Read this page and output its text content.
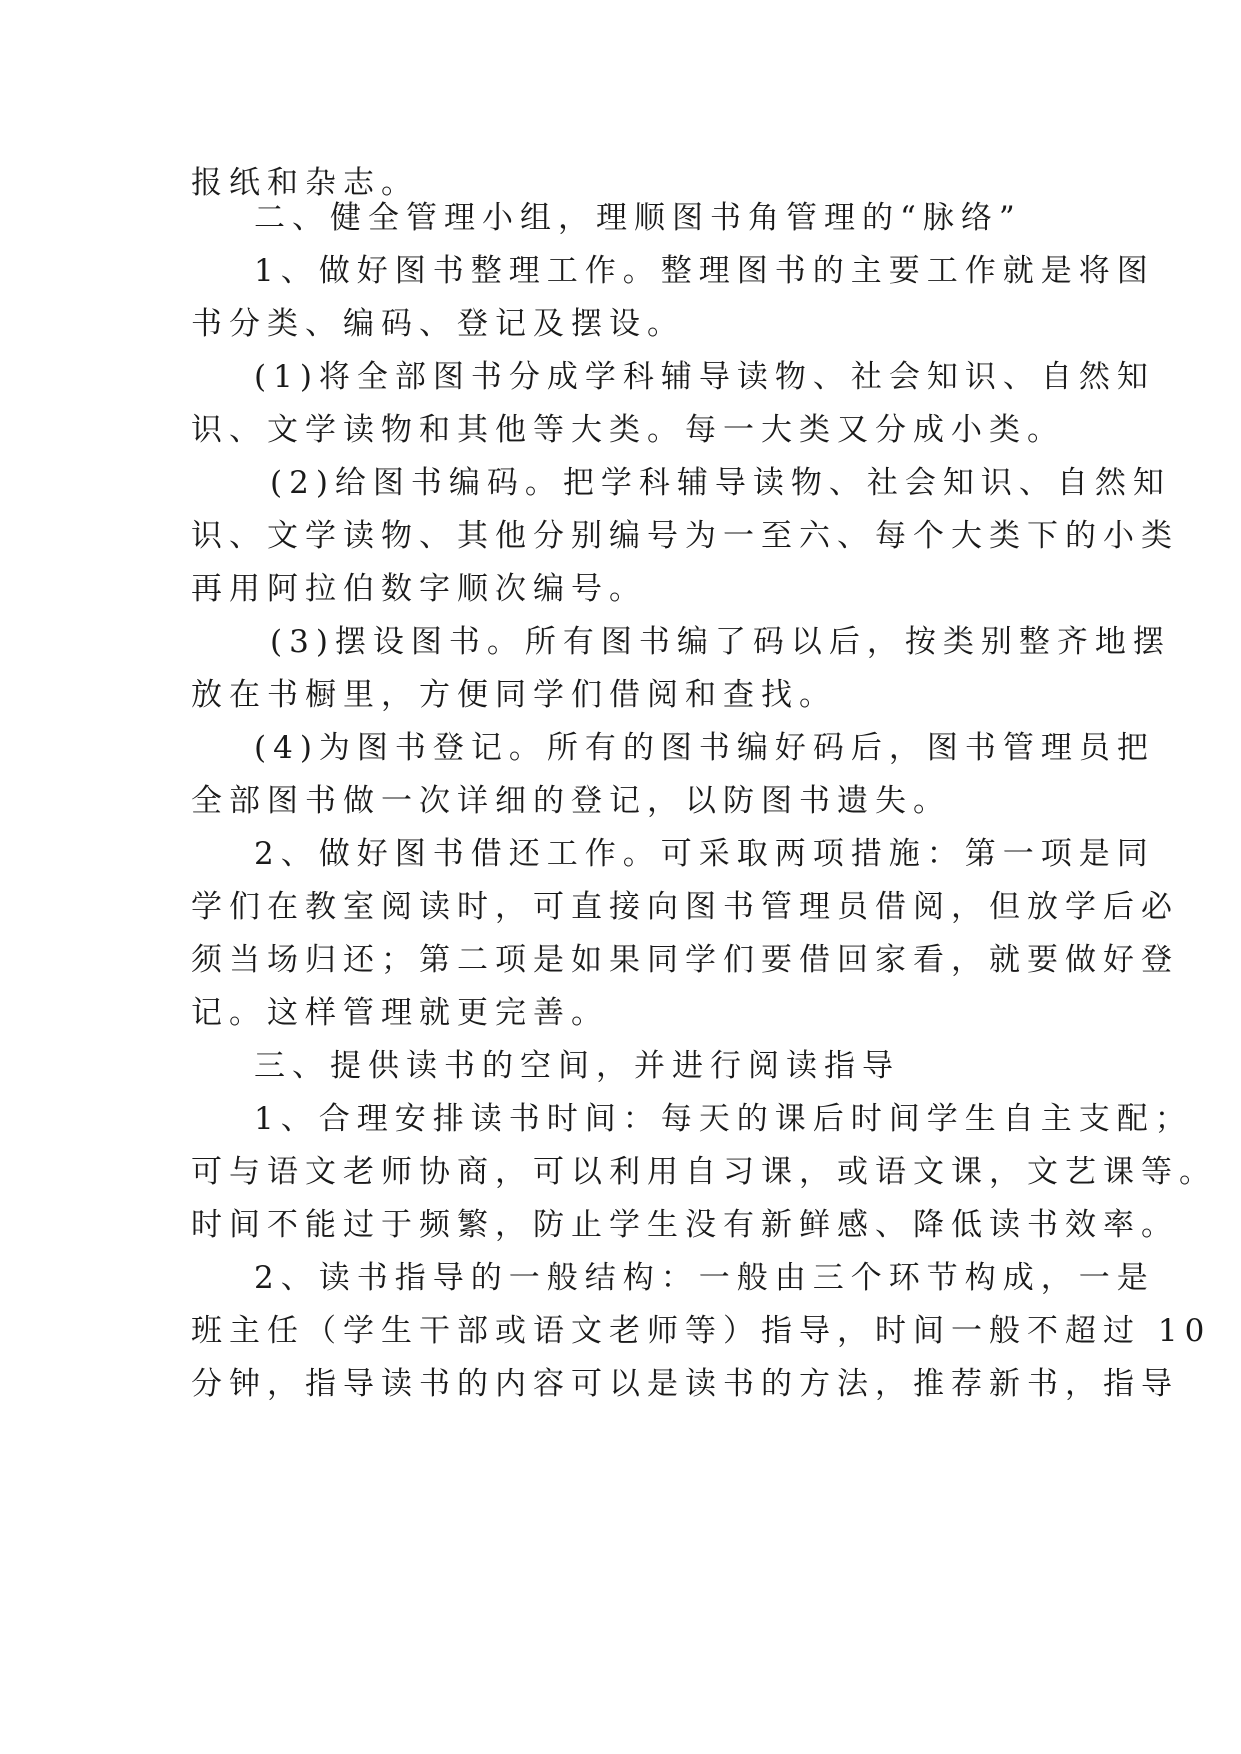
报纸和杂志。
二、健全管理小组，理顺图书角管理的“脉络”
1、做好图书整理工作。整理图书的主要工作就是将图
书分类、编码、登记及摆设。
(1)将全部图书分成学科辅导读物、社会知识、自然知
识、文学读物和其他等大类。每一大类又分成小类。
(2)给图书编码。把学科辅导读物、社会知识、自然知
识、文学读物、其他分别编号为一至六、每个大类下的小类
再用阿拉伯数字顺次编号。
(3)摆设图书。所有图书编了码以后，按类别整齐地摆
放在书橱里，方便同学们借阅和查找。
(4)为图书登记。所有的图书编好码后，图书管理员把
全部图书做一次详细的登记，以防图书遗失。
2、做好图书借还工作。可采取两项措施：第一项是同
学们在教室阅读时，可直接向图书管理员借阅，但放学后必
须当场归还；第二项是如果同学们要借回家看，就要做好登
记。这样管理就更完善。
三、提供读书的空间，并进行阅读指导
1、合理安排读书时间：每天的课后时间学生自主支配；
可与语文老师协商，可以利用自习课，或语文课，文艺课等。
时间不能过于频繁，防止学生没有新鲜感、降低读书效率。
2、读书指导的一般结构：一般由三个环节构成，一是
班主任（学生干部或语文老师等）指导，时间一般不超过 10
分钟，指导读书的内容可以是读书的方法，推荐新书，指导
